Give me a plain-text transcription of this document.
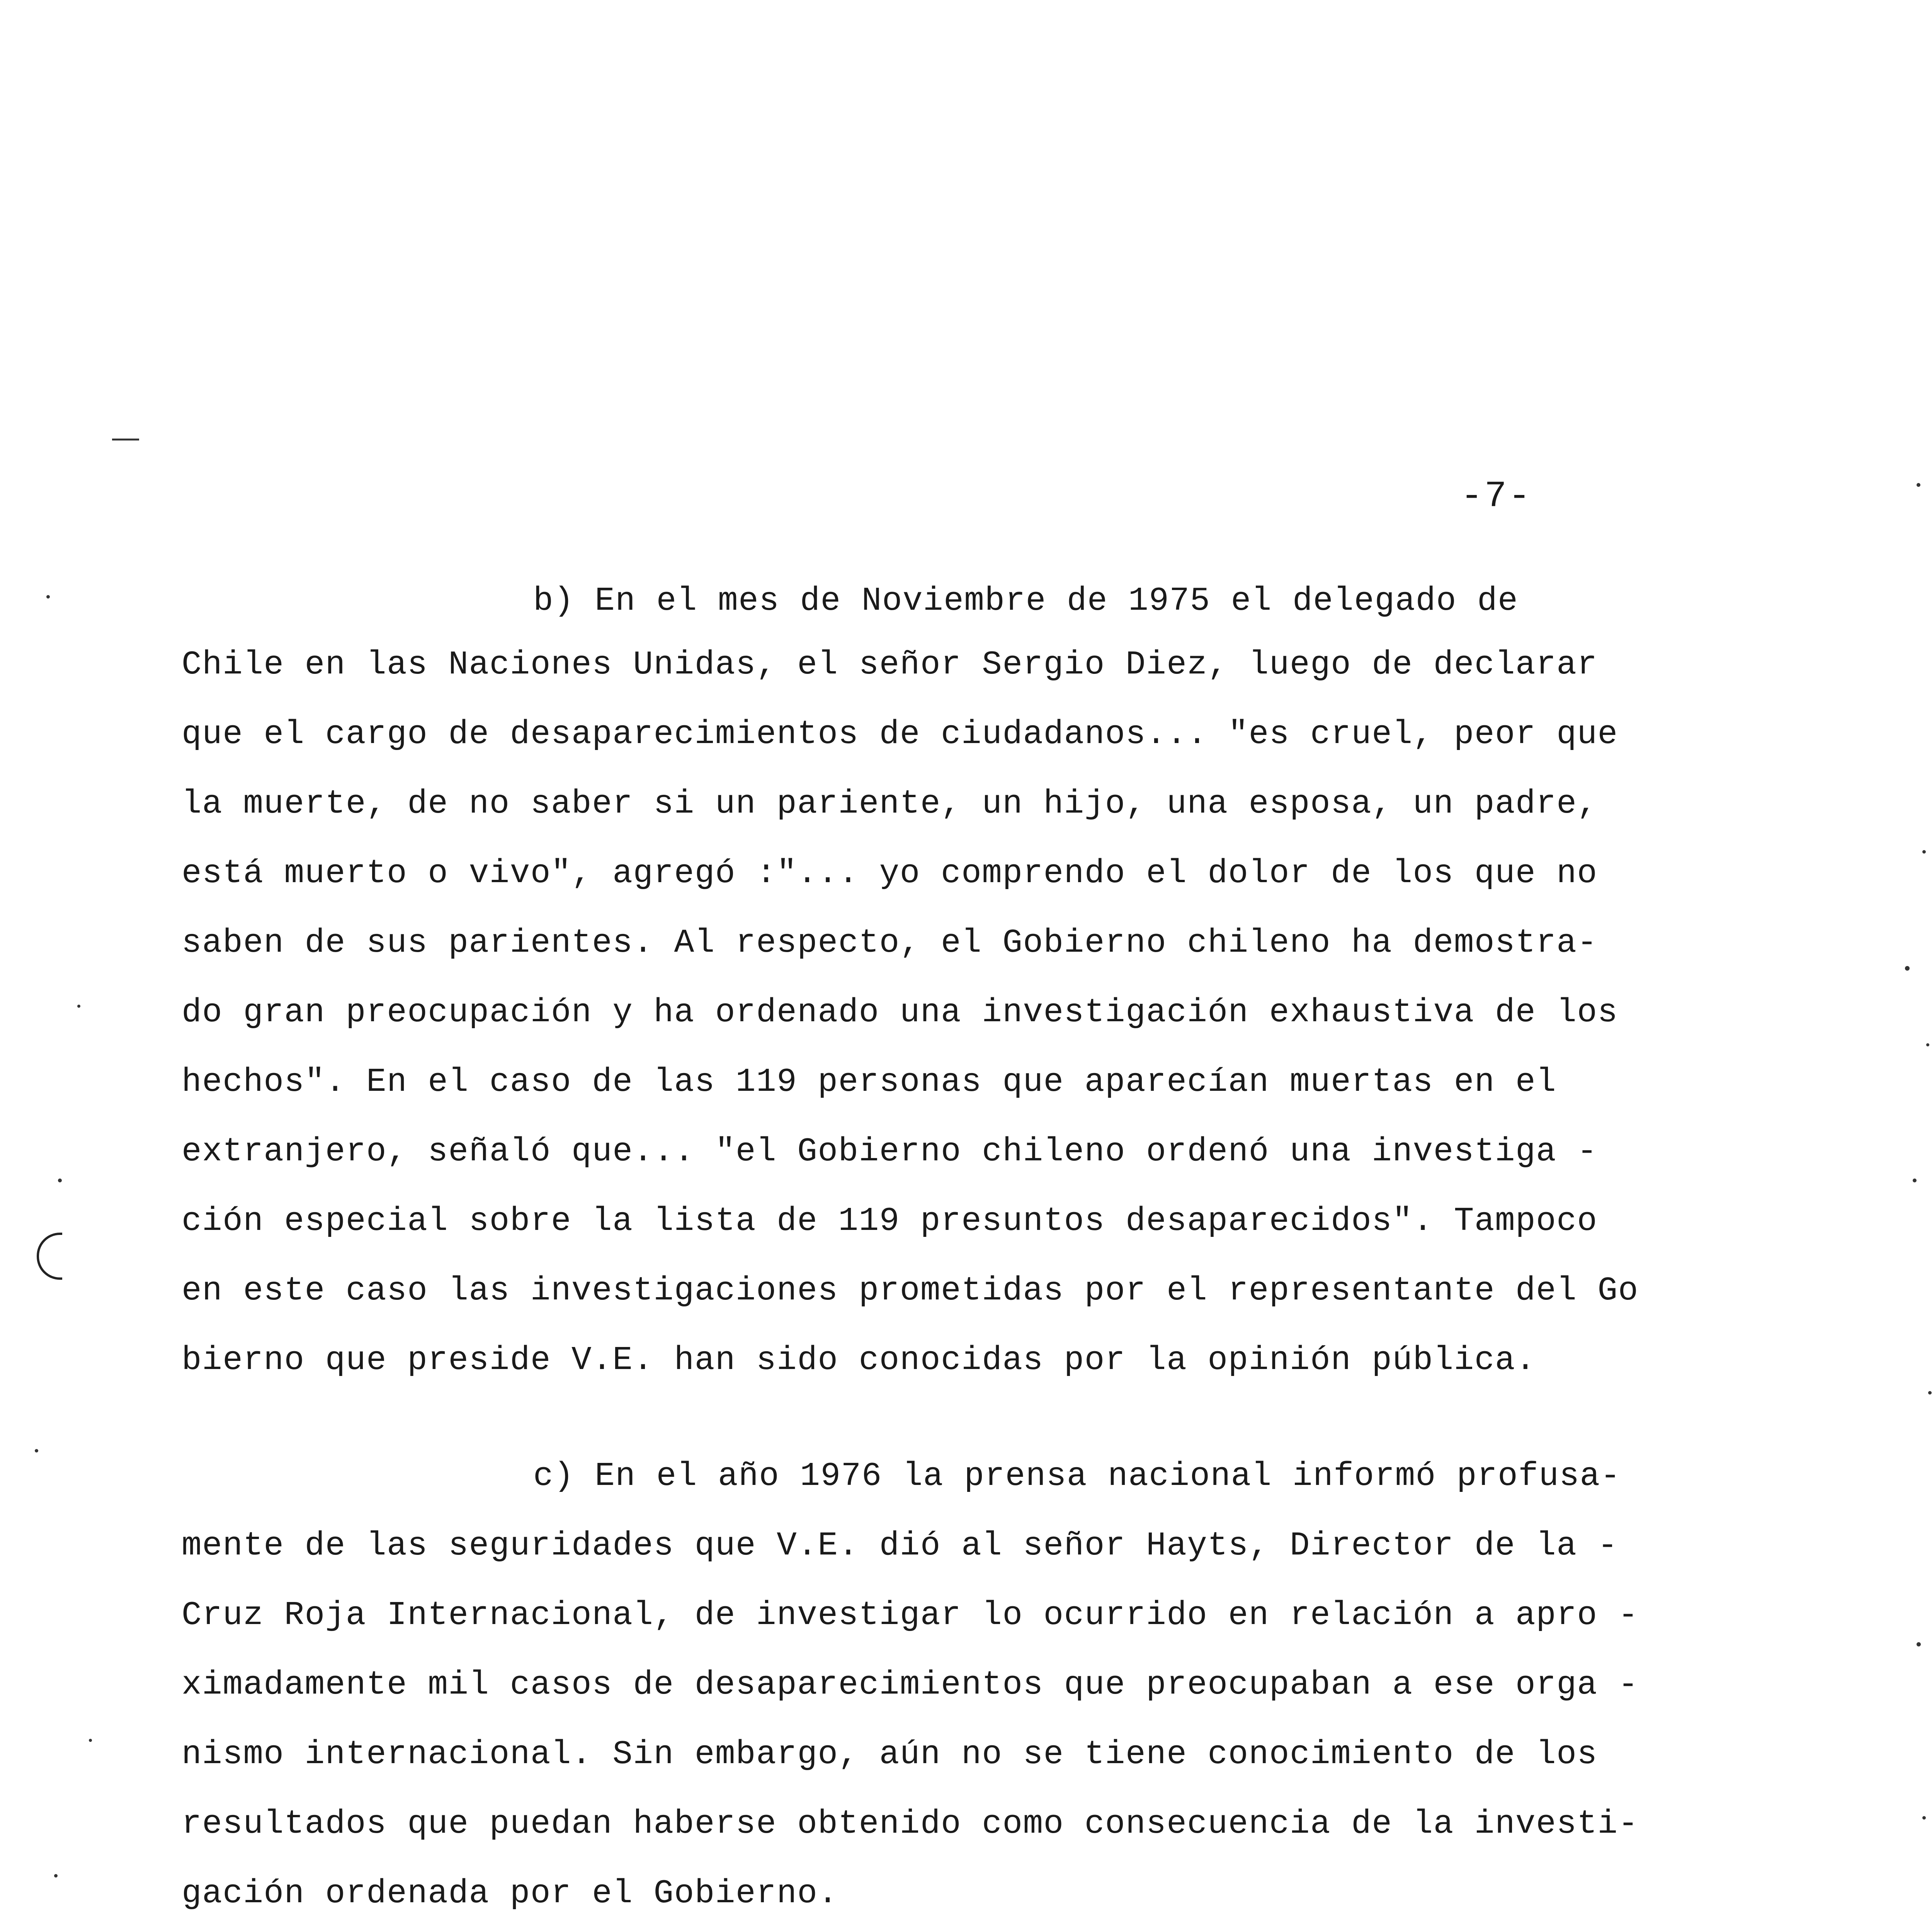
-7-
b) En el mes de Noviembre de 1975 el delegado de
Chile en las Naciones Unidas, el señor Sergio Diez, luego de declarar
que el cargo de desaparecimientos de ciudadanos... "es cruel, peor que
la muerte, de no saber si un pariente, un hijo, una esposa, un padre,
está muerto o vivo", agregó :"... yo comprendo el dolor de los que no
saben de sus parientes. Al respecto, el Gobierno chileno ha demostra-
do gran preocupación y ha ordenado una investigación exhaustiva de los
hechos". En el caso de las 119 personas que aparecían muertas en el
extranjero, señaló que... "el Gobierno chileno ordenó una investiga -
ción especial sobre la lista de 119 presuntos desaparecidos". Tampoco
en este caso las investigaciones prometidas por el representante del Go
bierno que preside V.E. han sido conocidas por la opinión pública.
c) En el año 1976 la prensa nacional informó profusa-
mente de las seguridades que V.E. dió al señor Hayts, Director de la -
Cruz Roja Internacional, de investigar lo ocurrido en relación a apro -
ximadamente mil casos de desaparecimientos que preocupaban a ese orga -
nismo internacional. Sin embargo, aún no se tiene conocimiento de los
resultados que puedan haberse obtenido como consecuencia de la investi-
gación ordenada por el Gobierno.
